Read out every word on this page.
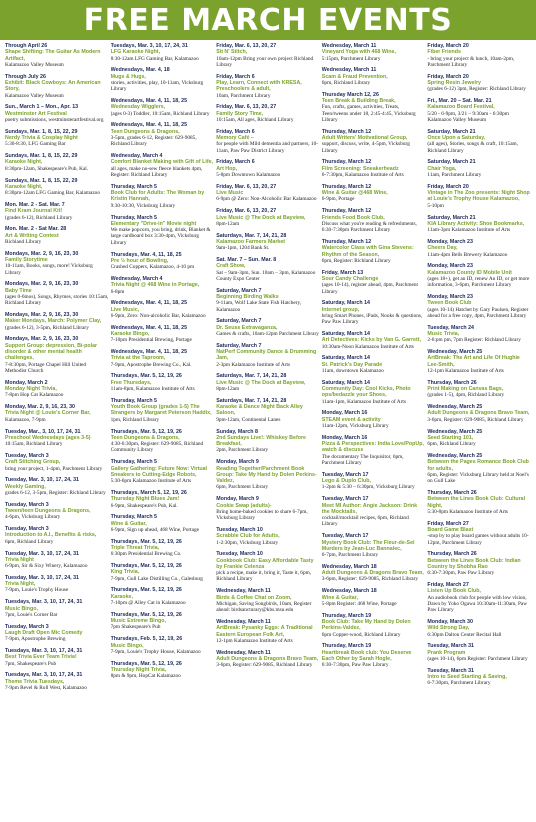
FREE MARCH EVENTS
Through April 26
Shape Shifting: The Guitar As Modern Artifact,
Kalamazoo Valley Museum
Through July 26
Exhibit: Black Cowboys: An American Story,
Kalamazoo Valley Museum
Sun., March 1 – Mon., Apr. 13
Westminster Art Festival
poetry submissions, westminsterartfestival.org
Sundays, Mar. 1, 8, 15, 22, 29
Nerdy Trivia & Cosplay Night
5:30-8:30, LFG Gaming Bar
Sundays, Mar. 1, 8, 15, 22, 29
Karaoke Night,
8:30pm-12am, Shakespeare's Pub, Kal.
Sundays, Mar. 1, 8, 15, 22, 29
Karaoke Night,
8:30pm-12am LFG Gaming Bar, Kalamazoo
Mon. Mar. 2 - Sat. Mar. 7
Find Kram Journal Kit!
(grades 6-12), Richland Library
Mon. Mar. 2 - Sat Mar. 28
Art & Writing Contest
Richland Library
Mondays, Mar. 2, 9, 16, 23, 30
Family Storytime
10-11am, Books, songs, more! Vicksburg Library
Mondays, Mar. 2, 9, 16, 23, 30
Baby Time
(ages 0-6mos), Songs, Rhymes, stories 10:15am, Richland Library
Mondays, Mar. 2, 9, 16, 23, 30
Maker Mondays, March: Polymer Clay,
(grades 6-12), 3-5pm, Richland Library
Mondays, Mar. 2, 9, 16, 23, 30
Support Group: depression, Bi-polar disorder & other mental health challenges,
7-8:30pm, Portage Chapel Hill United Methodist Church
Monday, March 2
Monday Night Trivia,
7-8pm Hop Cat Kalamazoo
Monday, Mar. 2, 9, 16, 23, 30
Trivia Night @ Louie's Corner Bar,
Kalamazoo, 7-9pm
Tuesday, Mar., 3, 10, 17, 24, 31
Preschool Wednesdays (ages 3-5)
10:15am, Richland Library
Tuesday, March 3
Craft Stitching Group,
bring your project, 1-4pm, Parchment Library
Tuesday, Mar. 3, 10, 17, 24, 31
Weekly Gaming,
grades 6-12, 3-5pm, Register: Richland Library
Tuesday, March 3
Tween/teen Dungeons & Dragons,
4-6pm, Vicksburg Library
Tuesday, March 3
Introduction to A.I., Benefits & risks,
6pm, Richland Library
Tuesday, Mar. 3, 10, 17, 24, 31
Trivia Night
6-9pm, Sir & Sixy Winery, Kalamazoo
Tuesday, Mar. 3, 10, 17, 24, 31
Trivia Night,
7-9pm, Louie's Trophy House
Tuesdays, Mar. 3, 10, 17, 24, 31
Music Bingo,
7pm, Louie's Corner Bar
Tuesday, March 3
Laugh Draft Open Mic Comedy
7-9pm, Apostrophe Brewing
Tuesdays, Mar. 3, 10, 17, 24, 31
Best Trivia Ever Team Trivia!
7pm, Shakespeare's Pub
Tuesdays, Mar. 3, 10, 17, 24, 31
Theme Trivia Tuesdays,
7-9pm Revel & Roll West, Kalamazoo
Tuesdays, Mar. 3, 10, 17, 24, 31
LFG Karaoke Night,
8:30-12am LFG Gaming Bar, Kalamazoo
Wednesdays, Mar. 4, 18
Mugs & Hugs,
stories, activities, play, 10-11am, Vicksburg Library
Wednesdays, Mar. 4, 11, 18, 25
Wednesday Wigglers,
(ages 0-3) Toddler, 10:15am, Richland Library
Wednesdays, Mar. 4, 11, 18, 25
Teen Dungeons & Dragons,
3-5pm, grades 6-12, Register: 629-9085, Richland Library
Wednesday, March 4
Comfort Blanket Making with Gift of Life,
all ages, make no-sew fleece blankets 4pm, Register: Richland Library
Thursday, March 5
Book Club for Adults: The Woman by Kristin Hannah,
9:30-10:30, Vicksburg Library
Thursday, March 5
Elementary "Drive-in" Movie night
We make popcorn, you bring, drink, Blanket & large cardboard box 3:30-4pm, Vicksburg Library
Thursdays, Mar. 4, 11, 18, 25
Pre ½ hour of Bowling,
Crashed Coppers, Kalamazoo, 4-10 pm
Wednesday, March 4
Trivia Night @ 468 Wine in Portage,
6-8pm
Wednesdays, Mar. 4, 11, 18, 25
Live Music,
6-9pm, Zero: Non-alcoholic Bar, Kalamazoo
Wednesdays, Mar. 4, 11, 18, 25
Karaoke Bingo,
7-10pm Presidential Brewing, Portage
Wednesdays, Mar. 4, 11, 18, 25
Trivia at the Taproom,
7-9pm, Apostrophe Brewing Co., Kal.
Thursdays, Mar. 5, 12, 19, 26
Free Thursdays,
11am-8pm, Kalamazoo Institute of Arts
Thursday, March 5
Youth Book Group (grades 1-5) The Strangers by Margaret Peterson Haddix,
1pm, Richland Library
Thursdays, Mar. 5, 12, 19, 26
Teen Dungeons & Dragons,
4:30-6:30pm, Register: 629-9085, Richland Community Library
Thursday, March 5
Gallery Gathering: Future Now: Virtual Sneakers to Cutting-Edge Robots,
5:30-6pm Kalamazoo Institute of Arts
Thursdays, March 5, 12, 19, 26
Thursday Night Blues Jam!
6-9pm, Shakespeare's Pub, Kal.
Thursday, March 5
Wine & Guitar,
6-9pm, Sign up ahead, 468 Wine, Portage
Thursdays, Mar. 5, 12, 19, 26
Triple Threat Trivia,
6:30pm Presidential Brewing Co.
Thursdays, Mar. 5, 12, 19, 26
King Trivia,
7-9pm, Gull Lake Distilling Co., Galesburg
Thursdays, Mar. 5, 12, 19, 26
Karaoke,
7-10pm @ Alley Cat in Kalamazoo
Thursdays, Mar. 5, 12, 19, 26
Music Extreme Bingo,
7pm Shakespeare's Pub
Thursdays, Feb. 5, 12, 19, 26
Music Bingo,
7-9pm, Louie's Trophy House, Kalamazoo
Thursdays, Mar. 5, 12, 19, 26
Thursday Night Trivia,
8pm & 9pm, HopCat Kalamazoo
Friday, Mar. 6, 13, 20, 27
Sit N' Stitch,
10am-12pm Bring your own project Richland Library
Friday, March 6
Play, Learn, Connect with KRESA, Preschoolers & adult,
10am, Parchment Library
Friday, Mar. 6, 13, 20, 27
Family Story Time,
10:15am, All ages, Richland Library
Friday, March 6
Memory Café –
for people with Mild dementia and partners, 10-11am, Paw Paw District Library
Friday, March 6
Art Hop,
5-8pm Downtown Kalamazoo
Friday, Mar. 6, 13, 20, 27
Live Music
6-9pm @ Zero: Non-Alcoholic Bar Kalamazoo
Friday, Mar. 6, 13, 20, 27
Live Music @ The Dock at Bayview,
8pm-12am
Saturdays, Mar. 7, 14, 21, 28
Kalamazoo Farmers Market
9am-1pm, 1204 Bank St.
Sat. Mar. 7 – Sun. Mar. 8
Craft Show,
Sat – 9am-3pm, Sun. 10am – 3pm, Kalamazoo County Expo Center
Saturday, March 7
Beginning Birding Walks
9-11am, Wolf Lake State Fish Hatchery, Kalamazoo
Saturday, March 7
Dr. Seuss Extravaganza,
Games & crafts, 10am-12pm Parchment Library
Saturday, March 7
NatPerf Community Dance & Drumming Jam,
2-3pm Kalamazoo Institute of Arts
Saturdays, Mar. 7, 14, 21, 28
Live Music @ The Dock at Bayview,
8pm-12am
Saturdays, Mar. 7, 14, 21, 28
Karaoke & Dance Night Back Alley Saloon,
9pm-12am, Continental Lanes
Sunday, March 8
2nd Sundays Live!: Whiskey Before Breakfast,
2pm, Parchment Library
Monday, March 9
Reading Together/Parchment Book Group: Take My Hand by Dolen Perkins-Valdez,
6pm, Parchment Library
Monday, March 9
Cookie Swap (adults)-
Bring home-baked cookies to share 6-7pm, Vicksburg Library
Tuesday, March 10
Scrabble Club for Adults,
1-2:30pm, Vicksburg Library
Tuesday, March 10
Cookbook Club: Easy Affordable Tasty by Frankie Celenza
pick a recipe, make it, bring it, Taste it, 6pm, Richland Library
Wednesday, March 11
Birds & Coffee Chat on Zoom,
Michigan, Saving Songbirds, 10am, Register ahead: birdsancturary@kbs.msu.edu
Wednesday, March 11
ArtBreak: Pysanky Eggs: A Traditional Eastern European Folk Art,
12-1pm Kalamazoo Institute of Arts
Wednesday, March 11
Adult Dungeons & Dragons Bravo Team,
3-6pm, Register: 629-9085, Richland Library
Wednesday, March 11
Vineyard Yoga with 468 Wine,
5:15pm, Parchment Library
Wednesday, March 11
Scam & Fraud Prevention,
6pm, Richland Library
Thursday March 12, 26
Teen Break & Building Break,
Fun, crafts, games, activities, Treats, Teen/tweens under 18, 2:45-4:45, Vicksburg Library
Thursday, March 12
Adult Writers' Motivational Group,
support, discuss, write, 4-5pm, Vicksburg Library
Thursday, March 12
Film Screening: Sneakerheadz
6-7:30pm, Kalamazoo Institute of Arts
Thursday, March 12
Wine & Guitar @468 Wine,
6-9pm, Portage
Thursday, March 12
Friends Food Book Club,
Discuss what you're reading & refreshments, 6:30-7:30pm Parchment Library
Thursday, March 12
Watercolor Class with Gina Stevens: Rhythm of the Season,
6pm, Register: Richland Library
Friday, March 13
Sour Candy Challenge
(ages 10-14), register ahead, 4pm, Parchment Library
Saturday, March 14
Internet group,
bring Smart Phones, iPads, Nooks & questions, Paw Paw Library
Saturday, March 14
Art Detectives: Kicks by Van G. Garrett,
10:30am-Noon Kalamazoo Institute of Arts
Saturday, March 14
St. Patrick's Day Parade
11am, downtown Kalamazoo
Saturday, March 14
Community Day: Cool Kicks, Photo ops/bedazzle your Shoes,
11am-1pm, Kalamazoo Institute of Arts
Monday, March 16
STEAM event & activity
11am-12pm, Vicksburg Library
Monday, March 16
Pizza & Perspectives: India Love/PopUp, watch & discuss
The documentary The Inquisitor, 6pm, Parchment Library
Tuesday, March 17
Lego & Duplo Club,
1-2pm & 5:30 – 6:30pm, Vicksburg Library
Tuesday, March 17
Meet MI Author: Angie Jackson: Drink the Mocktails,
cocktail/mocktail recipes, 6pm, Richland Library
Tuesday, March 17
Mystery Book Club: The Fleur-de-Sel Murders by Jean-Luc Bannalec,
6-7pm, Parchment Library
Wednesday, March 18
Adult Dungeons & Dragons Bravo Team,
3-6pm, Register: 629-9085, Richland Library
Wednesday, March 18
Wine & Guitar,
5-8pm Register: 468 Wine, Portage
Thursday, March 19
Book Club: Take My Hand by Dolen Perkins-Valdez,
6pm Copper-wood, Richland Library
Thursday, March 19
Heartbreak Book club: You Deserve Each Other by Sarah Hogle,
6:30-7:30pm, Paw Paw Library
Friday, March 20
Fiber Friends
- bring your project & lunch, 10am-2pm, Parchment Library
Friday, March 20
Spring Resin Jewelry
(grades 6-12) 3pm, Register: Richland Library
Fri., Mar. 20 – Sat. Mar. 21
Kalamazoo Board Festival,
5/20 - 6-9pm, 3/21 – 9:30am - 6:30pm Kalamazoo Valley Museum
Saturday, March 21
Once Upon a Saturday,
(all ages), Stories, songs & craft, 10:15am, Richland Library
Saturday, March 21
Chair Yoga,
11am, Parchment Library
Friday, March 20
Vintage in The Zoo presents: Night Shop at Louie's Trophy House Kalamazoo,
5-10pm
Saturday, March 21
KIA Library Activity: Shoe Bookmarks,
11am-3pm Kalamazoo Institute of Arts
Monday, March 23
Cheers Day,
11am-4pm Bells Brewery Kalamazoo
Monday, March 23
Kalamazoo County ID Mobile Unit
(ages 18+), get an ID, renew An ID, or get more information, 3-6pm, Parchment Library
Monday, March 23
Tween Book Club
(ages 10-14) Hatchet by Gary Paulsen, Register ahead for a free copy, 4pm, Parchment Library
Tuesday, March 24
Music Trivia,
2-6:pm pm, 7pm Register: Richland Library
Wednesday, March 25
ArtBreak: The Art and Life Of Hughie Lee-Smith,
12-1pm Kalamazoo Institute of Arts
Thursday, March 26
Print Making on Canvas Bags,
(grades 1-5), 4pm, Richland Library
Wednesday, March 25
Adult Dungeons & Dragons Bravo Team,
3-6pm, Register: 629-9085, Richland Library
Wednesday, March 25
Seed Starting 101,
6pm, Richland Library
Wednesday, March 25
Between the Pages Romance Book Club for adults,
6pm, Register: Vicksburg Library held at Noel's on Gull Lake
Thursday, March 26
Between the Lines Book Club: Cultural Night,
5:30-8pm Kalamazoo Institute of Arts
Friday, March 27
Board Game Blast
-stop by to play board games without adults 10-12pm, Parchment Library
Thursday, March 26
Between the Lines Book Club: Indian Country by Shobha Rao
6:30-7:30pm, Paw Paw Library
Friday, March 27
Listen Up Book Club,
An audiobook club for people with low vision, Dawn by Yoko Ogawa 10:30am-11:30am, Paw Paw Library
Monday, March 30
Wild Strong Day,
6:30pm Dalton Center Recital Hall
Tuesday, March 31
Prank Program
(ages 10-14), 6pm Register: Parchment Library
Tuesday, March 31
Intro to Seed Starting & Saving,
6-7:30pm, Parchment Library
